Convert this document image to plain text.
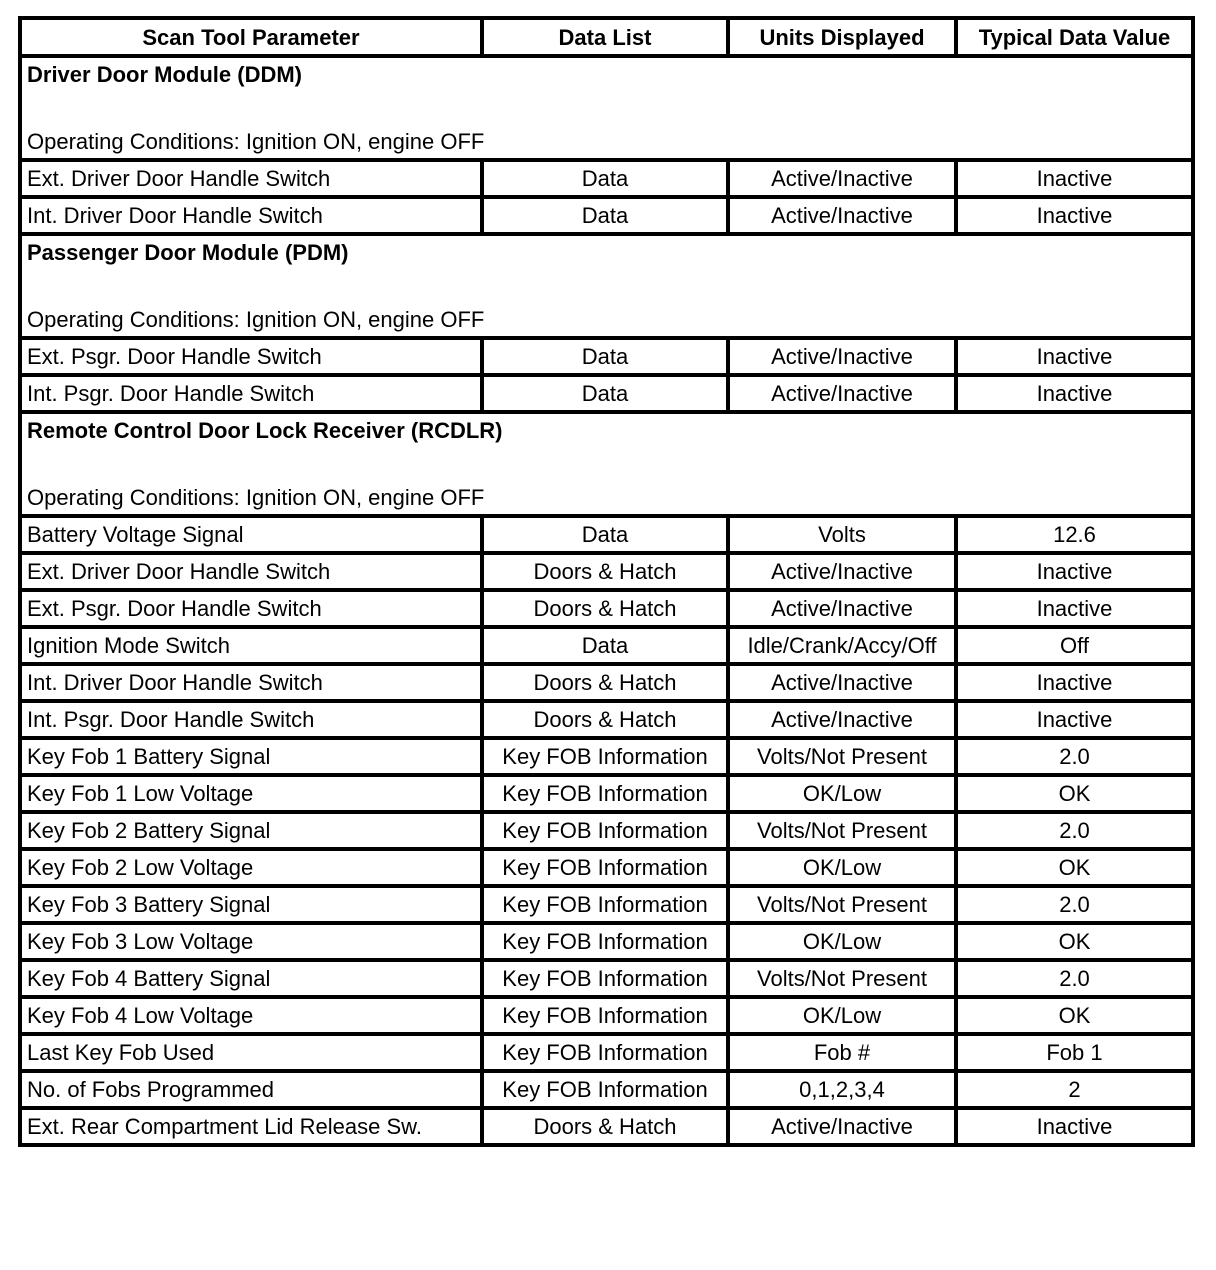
Scan Tool Parameter	Data List	Units Displayed	Typical Data Value

Driver Door Module (DDM)
Operating Conditions: Ignition ON, engine OFF			

Ext. Driver Door Handle Switch	Data	Active/Inactive	Inactive
Int. Driver Door Handle Switch	Data	Active/Inactive	Inactive

Passenger Door Module (PDM)
Operating Conditions: Ignition ON, engine OFF			

Ext. Psgr. Door Handle Switch	Data	Active/Inactive	Inactive
Int. Psgr. Door Handle Switch	Data	Active/Inactive	Inactive

Remote Control Door Lock Receiver (RCDLR)
Operating Conditions: Ignition ON, engine OFF			

Battery Voltage Signal	Data	Volts	12.6
Ext. Driver Door Handle Switch	Doors & Hatch	Active/Inactive	Inactive
Ext. Psgr. Door Handle Switch	Doors & Hatch	Active/Inactive	Inactive
Ignition Mode Switch	Data	Idle/Crank/Accy/Off	Off
Int. Driver Door Handle Switch	Doors & Hatch	Active/Inactive	Inactive
Int. Psgr. Door Handle Switch	Doors & Hatch	Active/Inactive	Inactive
Key Fob 1 Battery Signal	Key FOB Information	Volts/Not Present	2.0
Key Fob 1 Low Voltage	Key FOB Information	OK/Low	OK
Key Fob 2 Battery Signal	Key FOB Information	Volts/Not Present	2.0
Key Fob 2 Low Voltage	Key FOB Information	OK/Low	OK
Key Fob 3 Battery Signal	Key FOB Information	Volts/Not Present	2.0
Key Fob 3 Low Voltage	Key FOB Information	OK/Low	OK
Key Fob 4 Battery Signal	Key FOB Information	Volts/Not Present	2.0
Key Fob 4 Low Voltage	Key FOB Information	OK/Low	OK
Last Key Fob Used	Key FOB Information	Fob #	Fob 1
No. of Fobs Programmed	Key FOB Information	0,1,2,3,4	2
Ext. Rear Compartment Lid Release Sw.	Doors & Hatch	Active/Inactive	Inactive
